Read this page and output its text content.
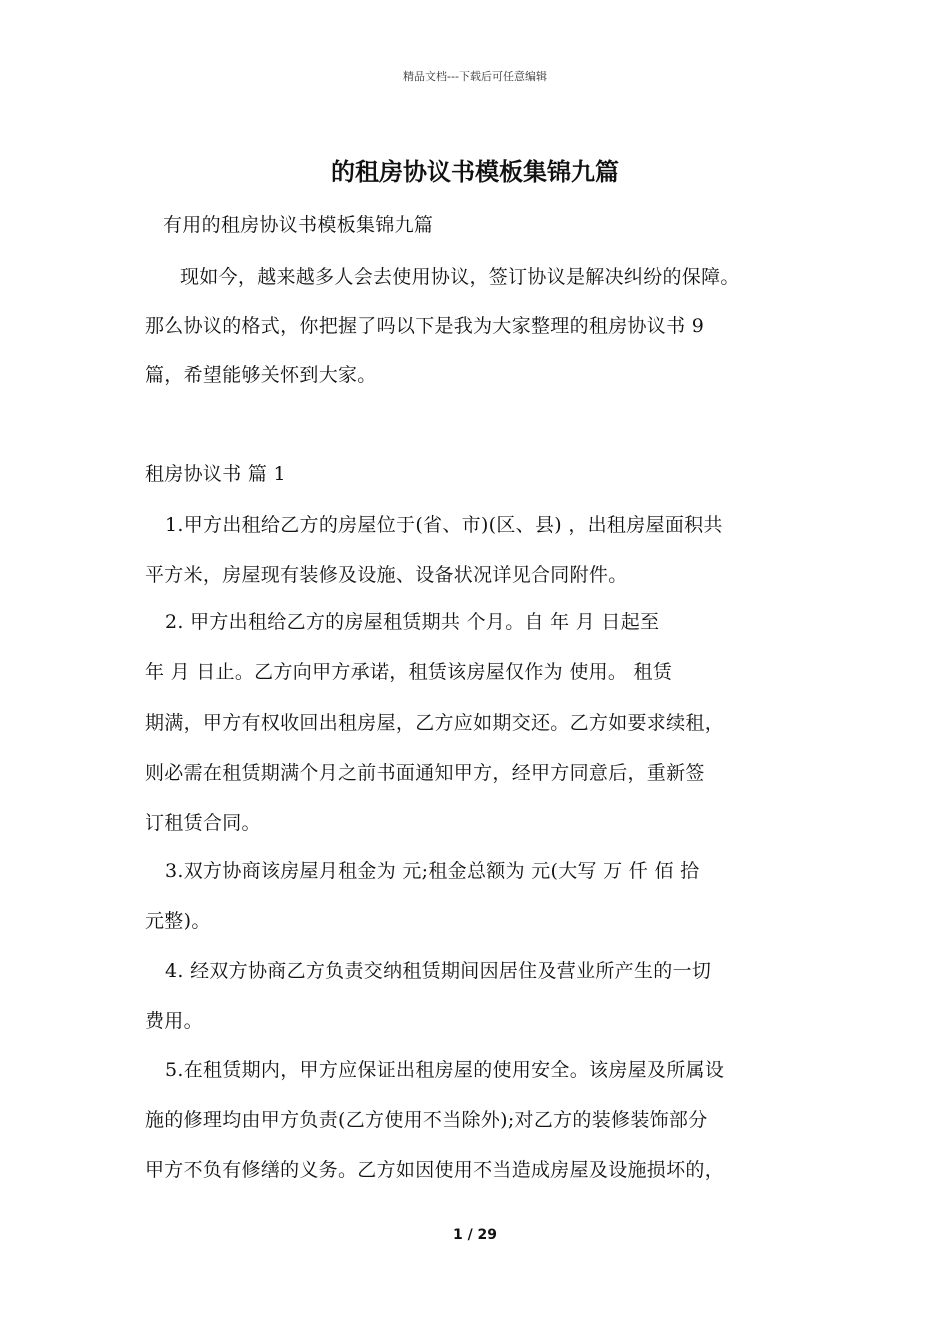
精品文档---下载后可任意编辑
的租房协议书模板集锦九篇
有用的租房协议书模板集锦九篇
现如今，越来越多人会去使用协议，签订协议是解决纠纷的保障。
那么协议的格式，你把握了吗以下是我为大家整理的租房协议书 9
篇，希望能够关怀到大家。
租房协议书 篇 1
1.甲方出租给乙方的房屋位于(省、市)(区、县) ，出租房屋面积共
平方米，房屋现有装修及设施、设备状况详见合同附件。
2. 甲方出租给乙方的房屋租赁期共 个月。自 年 月 日起至
年 月 日止。乙方向甲方承诺，租赁该房屋仅作为 使用。 租赁
期满，甲方有权收回出租房屋，乙方应如期交还。乙方如要求续租，
则必需在租赁期满个月之前书面通知甲方，经甲方同意后，重新签
订租赁合同。
3.双方协商该房屋月租金为 元;租金总额为 元(大写 万 仟 佰 拾
元整)。
4. 经双方协商乙方负责交纳租赁期间因居住及营业所产生的一切
费用。
5.在租赁期内，甲方应保证出租房屋的使用安全。该房屋及所属设
施的修理均由甲方负责(乙方使用不当除外);对乙方的装修装饰部分
甲方不负有修缮的义务。乙方如因使用不当造成房屋及设施损坏的，
1 / 29
